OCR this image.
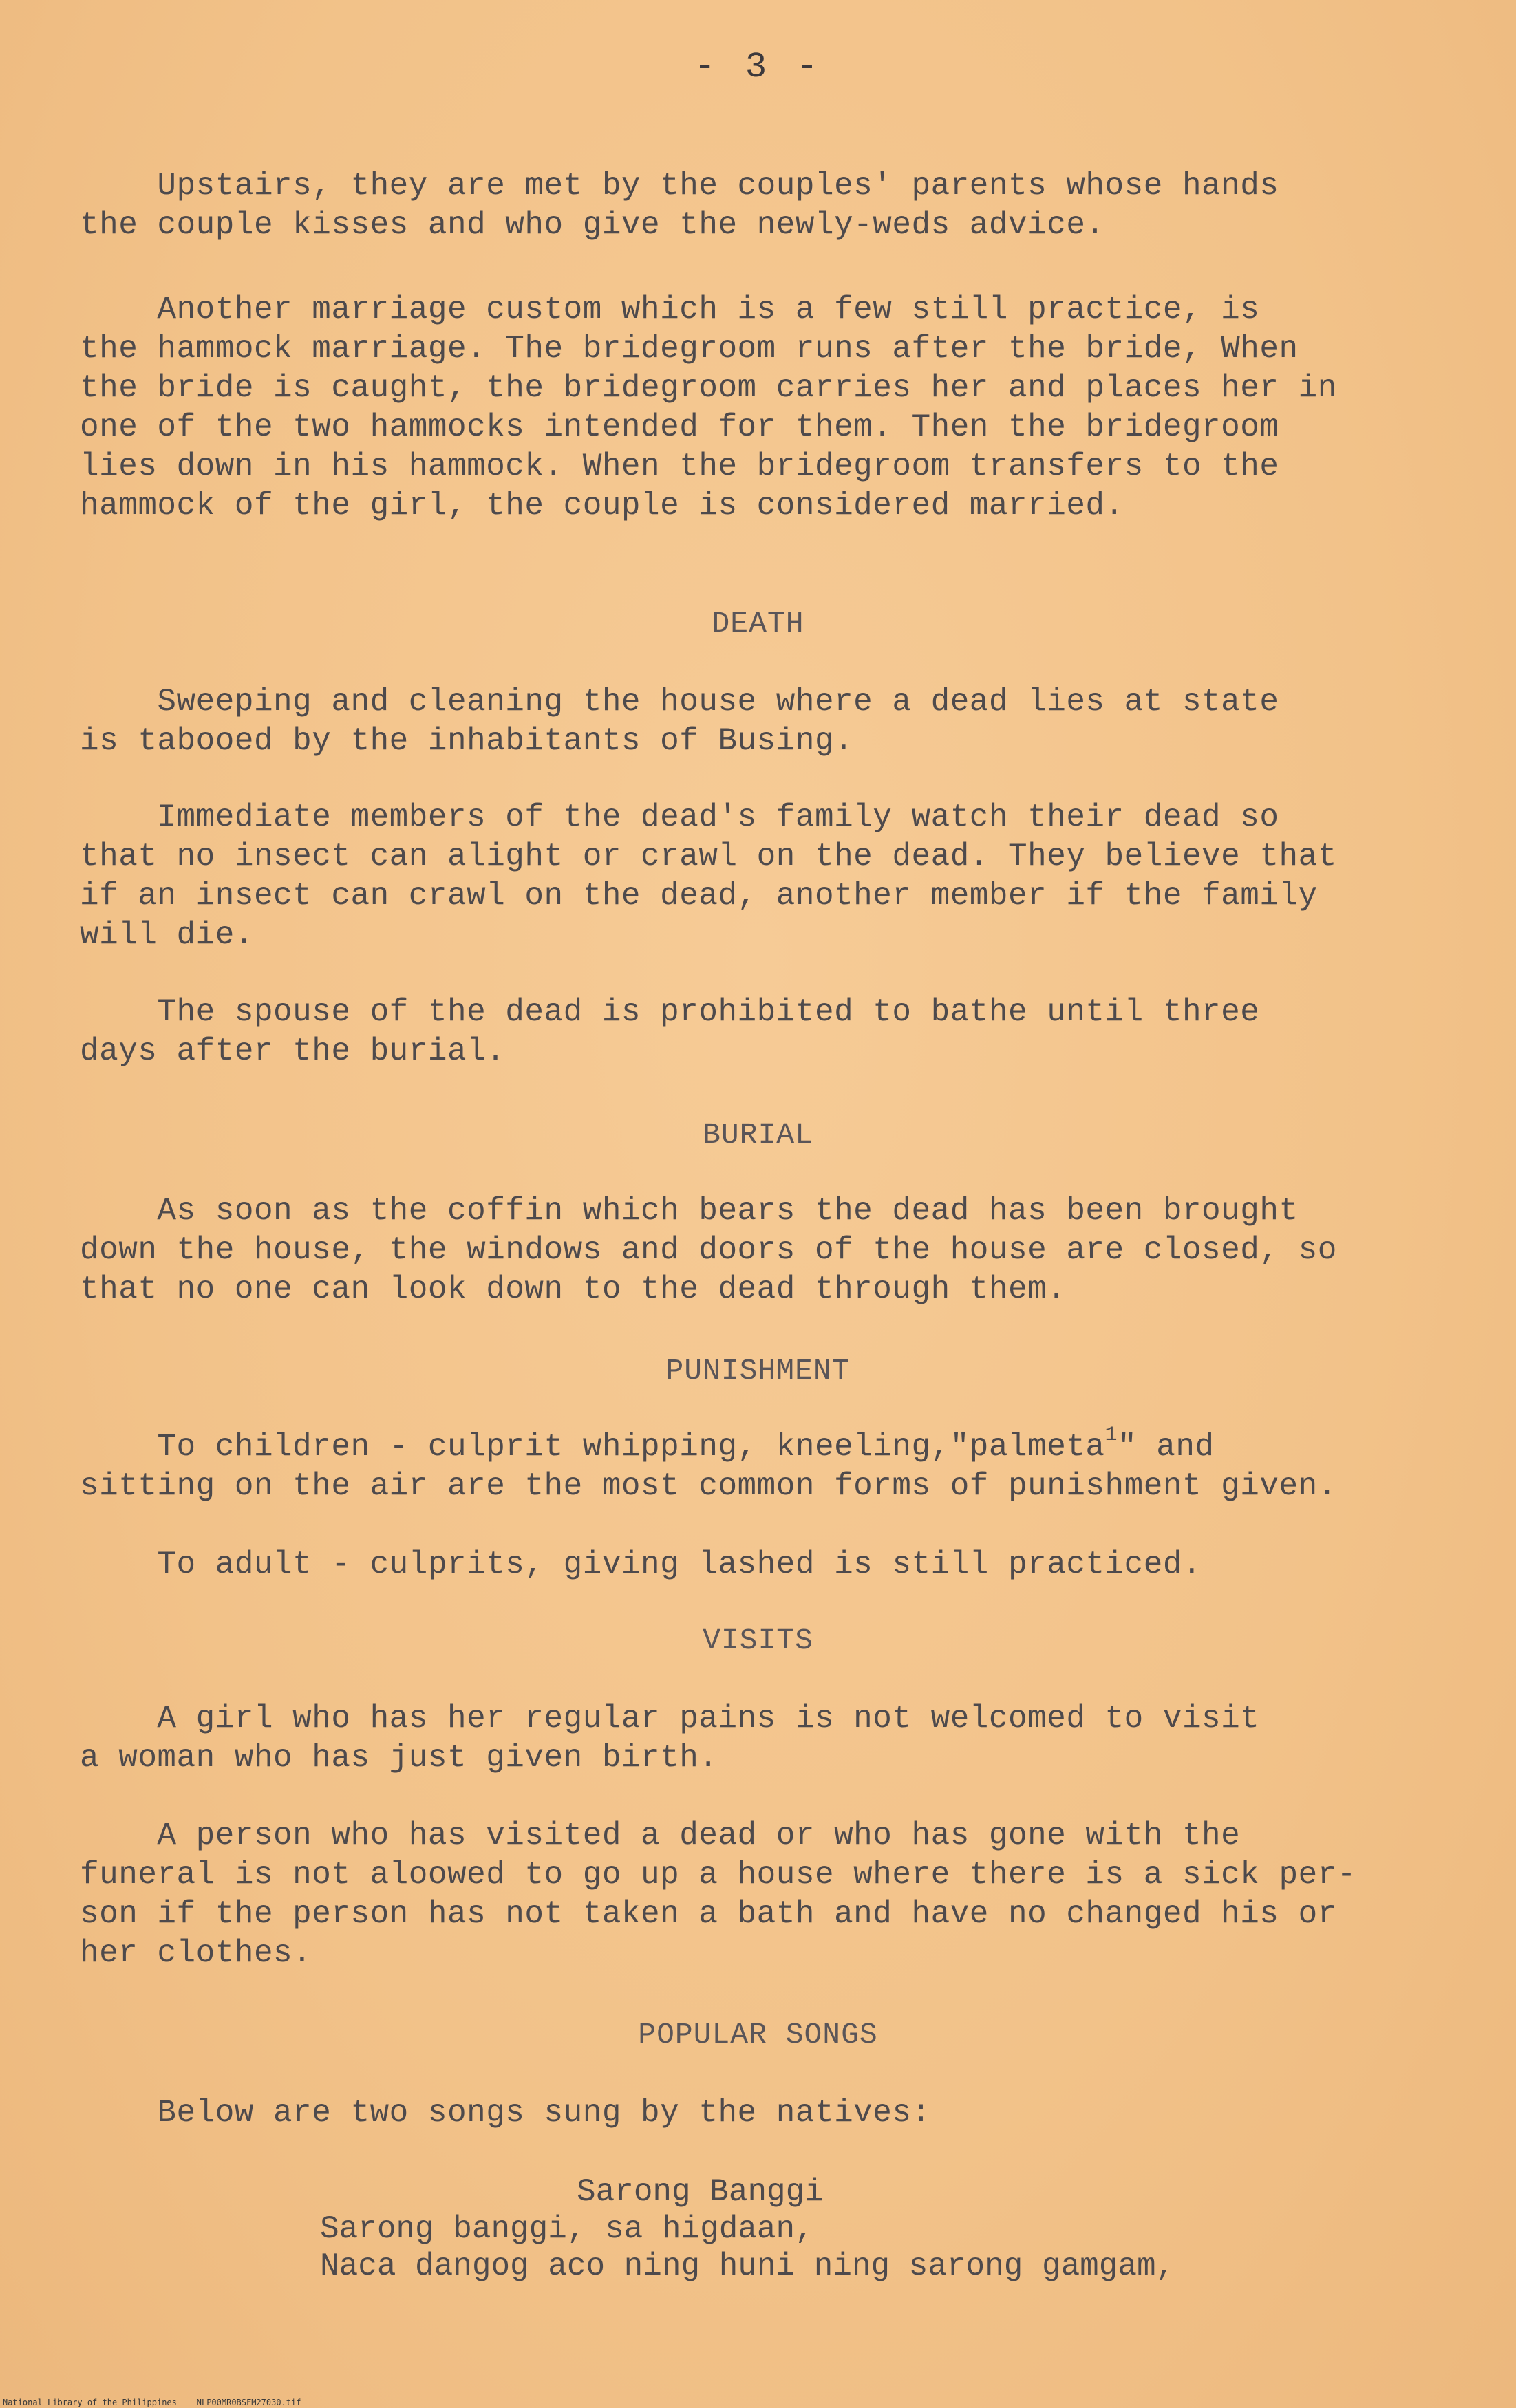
- 3 -
Upstairs, they are met by the couples' parents whose hands
the couple kisses and who give the newly-weds advice.
Another marriage custom which is a few still practice, is
the hammock marriage. The bridegroom runs after the bride, When
the bride is caught, the bridegroom carries her and places her in
one of the two hammocks intended for them. Then the bridegroom
lies down in his hammock. When the bridegroom transfers to the
hammock of the girl, the couple is considered married.
DEATH
Sweeping and cleaning the house where a dead lies at state
is tabooed by the inhabitants of Busing.
Immediate members of the dead's family watch their dead so
that no insect can alight or crawl on the dead. They believe that
if an insect can crawl on the dead, another member if the family
will die.
The spouse of the dead is prohibited to bathe until three
days after the burial.
BURIAL
As soon as the coffin which bears the dead has been brought
down the house, the windows and doors of the house are closed, so
that no one can look down to the dead through them.
PUNISHMENT
To children - culprit whipping, kneeling,"palmeta$^1$" and
sitting on the air are the most common forms of punishment given.
To adult - culprits, giving lashed is still practiced.
VISITS
A girl who has her regular pains is not welcomed to visit
a woman who has just given birth.
A person who has visited a dead or who has gone with the
funeral is not aloowed to go up a house where there is a sick per-
son if the person has not taken a bath and have no changed his or
her clothes.
POPULAR SONGS
Below are two songs sung by the natives:
Sarong Banggi
Sarong banggi, sa higdaan,
Naca dangog aco ning huni ning sarong gamgam,
National Library of the Philippines    NLP00MR0BSFM27030.tif
